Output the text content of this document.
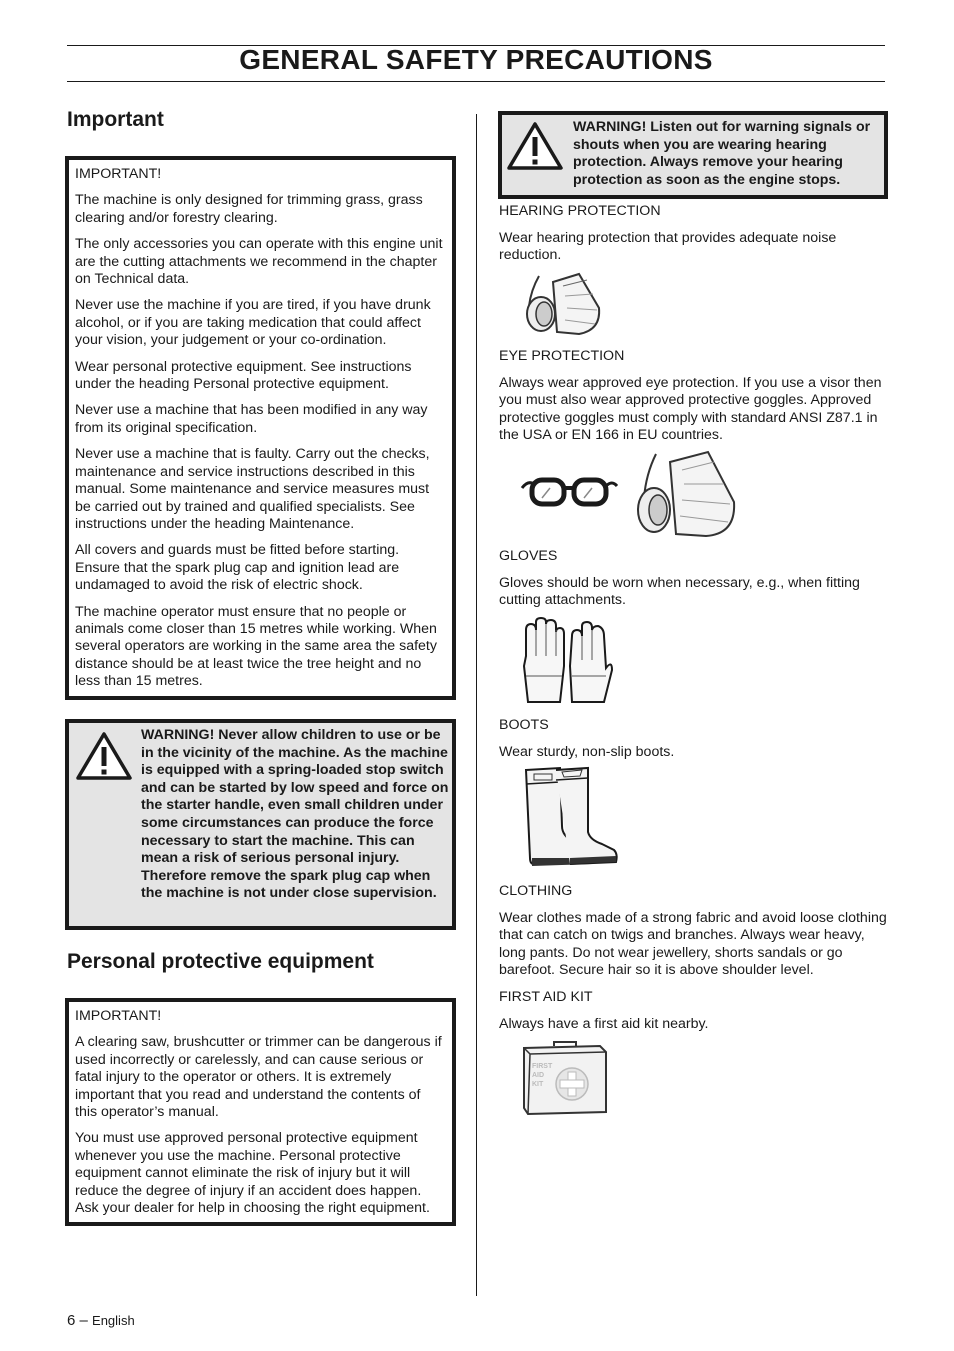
GENERAL SAFETY PRECAUTIONS
Important

IMPORTANT!

The machine is only designed for trimming grass, grass clearing and/or forestry clearing.

The only accessories you can operate with this engine unit are the cutting attachments we recommend in the chapter on Technical data.

Never use the machine if you are tired, if you have drunk alcohol, or if you are taking medication that could affect your vision, your judgement or your co-ordination.

Wear personal protective equipment. See instructions under the heading Personal protective equipment.

Never use a machine that has been modified in any way from its original specification.

Never use a machine that is faulty. Carry out the checks, maintenance and service instructions described in this manual. Some maintenance and service measures must be carried out by trained and qualified specialists. See instructions under the heading Maintenance.

All covers and guards must be fitted before starting. Ensure that the spark plug cap and ignition lead are undamaged to avoid the risk of electric shock.

The machine operator must ensure that no people or animals come closer than 15 metres while working. When several operators are working in the same area the safety distance should be at least twice the tree height and no less than 15 metres.

WARNING! Never allow children to use or be in the vicinity of the machine. As the machine is equipped with a spring-loaded stop switch and can be started by low speed and force on the starter handle, even small children under some circumstances can produce the force necessary to start the machine. This can mean a risk of serious personal injury. Therefore remove the spark plug cap when the machine is not under close supervision.
Personal protective equipment

IMPORTANT!

A clearing saw, brushcutter or trimmer can be dangerous if used incorrectly or carelessly, and can cause serious or fatal injury to the operator or others. It is extremely important that you read and understand the contents of this operator’s manual.

You must use approved personal protective equipment whenever you use the machine. Personal protective equipment cannot eliminate the risk of injury but it will reduce the degree of injury if an accident does happen. Ask your dealer for help in choosing the right equipment.

WARNING! Listen out for warning signals or shouts when you are wearing hearing protection. Always remove your hearing protection as soon as the engine stops.

HEARING PROTECTION

Wear hearing protection that provides adequate noise reduction.

EYE PROTECTION

Always wear approved eye protection. If you use a visor then you must also wear approved protective goggles. Approved protective goggles must comply with standard ANSI Z87.1 in the USA or EN 166 in EU countries.

GLOVES

Gloves should be worn when necessary, e.g., when fitting cutting attachments.

BOOTS

Wear sturdy, non-slip boots.

CLOTHING

Wear clothes made of a strong fabric and avoid loose clothing that can catch on twigs and branches. Always wear heavy, long pants. Do not wear jewellery, shorts sandals or go barefoot. Secure hair so it is above shoulder level.

FIRST AID KIT

Always have a first aid kit nearby.

FIRST
AID
KIT
6 – English
